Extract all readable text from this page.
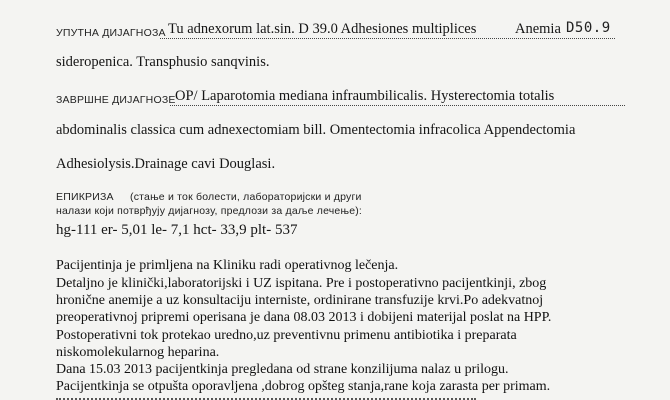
УПУТНА ДИЈАГНОЗА Tu adnexorum lat.sin. D 39.0 Adhesiones multiplices	Anemia D50.9
sideropenica. Transphusio sanqvinis.
ЗАВРШНЕ ДИЈАГНОЗЕ OP/ Laparotomia mediana infraumbilicalis. Hysterectomia totalis
abdominalis classica cum adnexectomiam bill. Omentectomia infracolica Appendectomia
Adhesiolysis.Drainage cavi Douglasi.
ЕПИКРИЗА (стање и ток болести, лабораторијски и други
налази који потврђују дијагнозу, предлози за даље лечење):
hg-111 er- 5,01 le- 7,1 hct- 33,9 plt- 537
Pacijentinja je primljena na Kliniku radi operativnog lečenja.
Detaljno je klinički,laboratorijski i UZ ispitana. Pre i postoperativno pacijentkinji, zbog
hronične anemije a uz konsultaciju interniste, ordinirane transfuzije krvi.Po adekvatnoj
preoperativnoj pripremi operisana je dana 08.03 2013 i dobijeni materijal poslat na HPP.
Postoperativni tok protekao uredno,uz preventivnu primenu antibiotika i preparata
niskomolekularnog heparina.
Dana 15.03 2013 pacijentkinja pregledana od strane konzilijuma nalaz u prilogu.
Pacijentkinja se otpušta oporavljena ,dobrog opšteg stanja,rane koja zarasta per primam.
